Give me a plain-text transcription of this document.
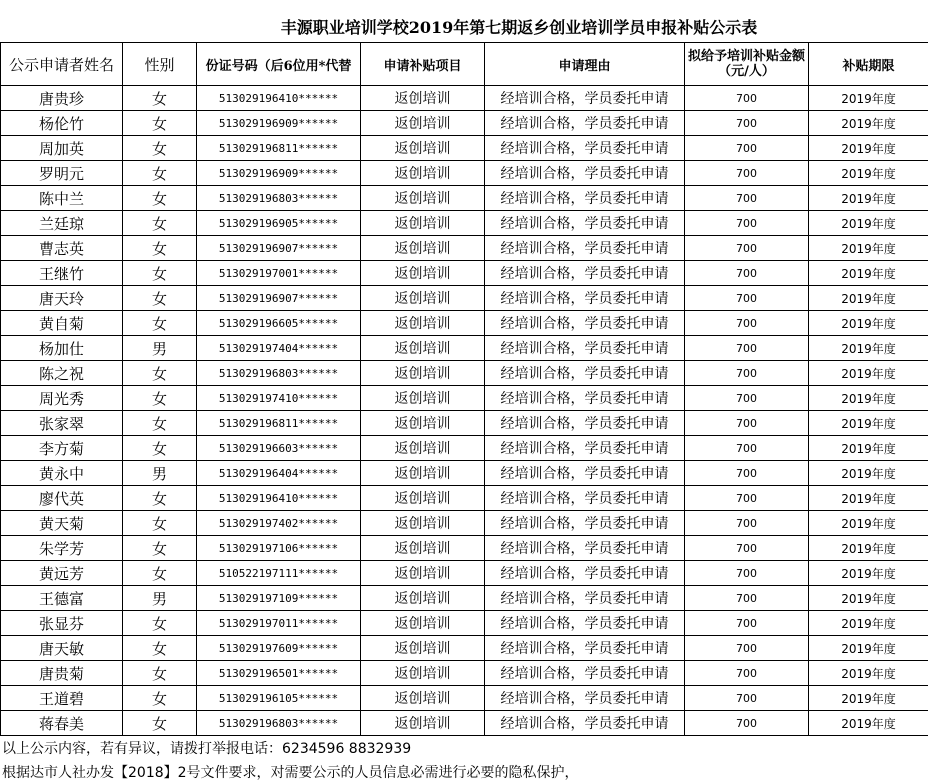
丰源职业培训学校2019年第七期返乡创业培训学员申报补贴公示表
公示申请者姓名	性别	份证号码（后6位用*代替	申请补贴项目	申请理由	拟给予培训补贴金额（元/人）	补贴期限
唐贵珍	女	513029196410******	返创培训	经培训合格，学员委托申请	700	2019年度
杨伦竹	女	513029196909******	返创培训	经培训合格，学员委托申请	700	2019年度
周加英	女	513029196811******	返创培训	经培训合格，学员委托申请	700	2019年度
罗明元	女	513029196909******	返创培训	经培训合格，学员委托申请	700	2019年度
陈中兰	女	513029196803******	返创培训	经培训合格，学员委托申请	700	2019年度
兰廷琼	女	513029196905******	返创培训	经培训合格，学员委托申请	700	2019年度
曹志英	女	513029196907******	返创培训	经培训合格，学员委托申请	700	2019年度
王继竹	女	513029197001******	返创培训	经培训合格，学员委托申请	700	2019年度
唐天玲	女	513029196907******	返创培训	经培训合格，学员委托申请	700	2019年度
黄自菊	女	513029196605******	返创培训	经培训合格，学员委托申请	700	2019年度
杨加仕	男	513029197404******	返创培训	经培训合格，学员委托申请	700	2019年度
陈之祝	女	513029196803******	返创培训	经培训合格，学员委托申请	700	2019年度
周光秀	女	513029197410******	返创培训	经培训合格，学员委托申请	700	2019年度
张家翠	女	513029196811******	返创培训	经培训合格，学员委托申请	700	2019年度
李方菊	女	513029196603******	返创培训	经培训合格，学员委托申请	700	2019年度
黄永中	男	513029196404******	返创培训	经培训合格，学员委托申请	700	2019年度
廖代英	女	513029196410******	返创培训	经培训合格，学员委托申请	700	2019年度
黄天菊	女	513029197402******	返创培训	经培训合格，学员委托申请	700	2019年度
朱学芳	女	513029197106******	返创培训	经培训合格，学员委托申请	700	2019年度
黄远芳	女	510522197111******	返创培训	经培训合格，学员委托申请	700	2019年度
王德富	男	513029197109******	返创培训	经培训合格，学员委托申请	700	2019年度
张显芬	女	513029197011******	返创培训	经培训合格，学员委托申请	700	2019年度
唐天敏	女	513029197609******	返创培训	经培训合格，学员委托申请	700	2019年度
唐贵菊	女	513029196501******	返创培训	经培训合格，学员委托申请	700	2019年度
王道碧	女	513029196105******	返创培训	经培训合格，学员委托申请	700	2019年度
蒋春美	女	513029196803******	返创培训	经培训合格，学员委托申请	700	2019年度
以上公示内容，若有异议，请拨打举报电话：6234596 8832939
根据达市人社办发【2018】2号文件要求，对需要公示的人员信息必需进行必要的隐私保护，
